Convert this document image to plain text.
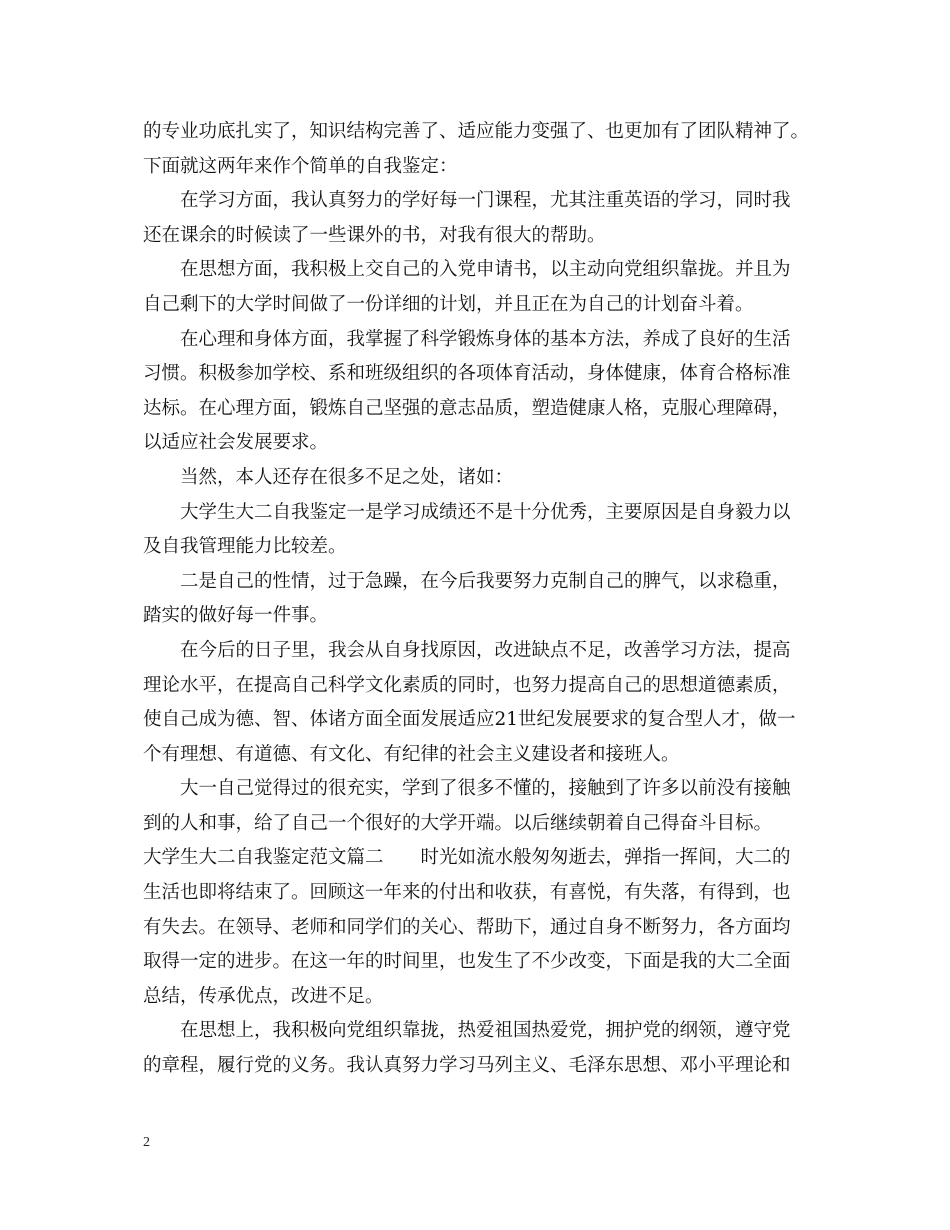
的专业功底扎实了，知识结构完善了、适应能力变强了、也更加有了团队精神了。
下面就这两年来作个简单的自我鉴定：
在学习方面，我认真努力的学好每一门课程，尤其注重英语的学习，同时我
还在课余的时候读了一些课外的书，对我有很大的帮助。
在思想方面，我积极上交自己的入党申请书，以主动向党组织靠拢。并且为
自己剩下的大学时间做了一份详细的计划，并且正在为自己的计划奋斗着。
在心理和身体方面，我掌握了科学锻炼身体的基本方法，养成了良好的生活
习惯。积极参加学校、系和班级组织的各项体育活动，身体健康，体育合格标准
达标。在心理方面，锻炼自己坚强的意志品质，塑造健康人格，克服心理障碍，
以适应社会发展要求。
当然，本人还存在很多不足之处，诸如：
大学生大二自我鉴定一是学习成绩还不是十分优秀，主要原因是自身毅力以
及自我管理能力比较差。
二是自己的性情，过于急躁，在今后我要努力克制自己的脾气，以求稳重，
踏实的做好每一件事。
在今后的日子里，我会从自身找原因，改进缺点不足，改善学习方法，提高
理论水平，在提高自己科学文化素质的同时，也努力提高自己的思想道德素质，
使自己成为德、智、体诸方面全面发展适应21世纪发展要求的复合型人才，做一
个有理想、有道德、有文化、有纪律的社会主义建设者和接班人。
大一自己觉得过的很充实，学到了很多不懂的，接触到了许多以前没有接触
到的人和事，给了自己一个很好的大学开端。以后继续朝着自己得奋斗目标。
大学生大二自我鉴定范文篇二　　时光如流水般匆匆逝去，弹指一挥间，大二的
生活也即将结束了。回顾这一年来的付出和收获，有喜悦，有失落，有得到，也
有失去。在领导、老师和同学们的关心、帮助下，通过自身不断努力，各方面均
取得一定的进步。在这一年的时间里，也发生了不少改变，下面是我的大二全面
总结，传承优点，改进不足。
在思想上，我积极向党组织靠拢，热爱祖国热爱党，拥护党的纲领，遵守党
的章程，履行党的义务。我认真努力学习马列主义、毛泽东思想、邓小平理论和
2
